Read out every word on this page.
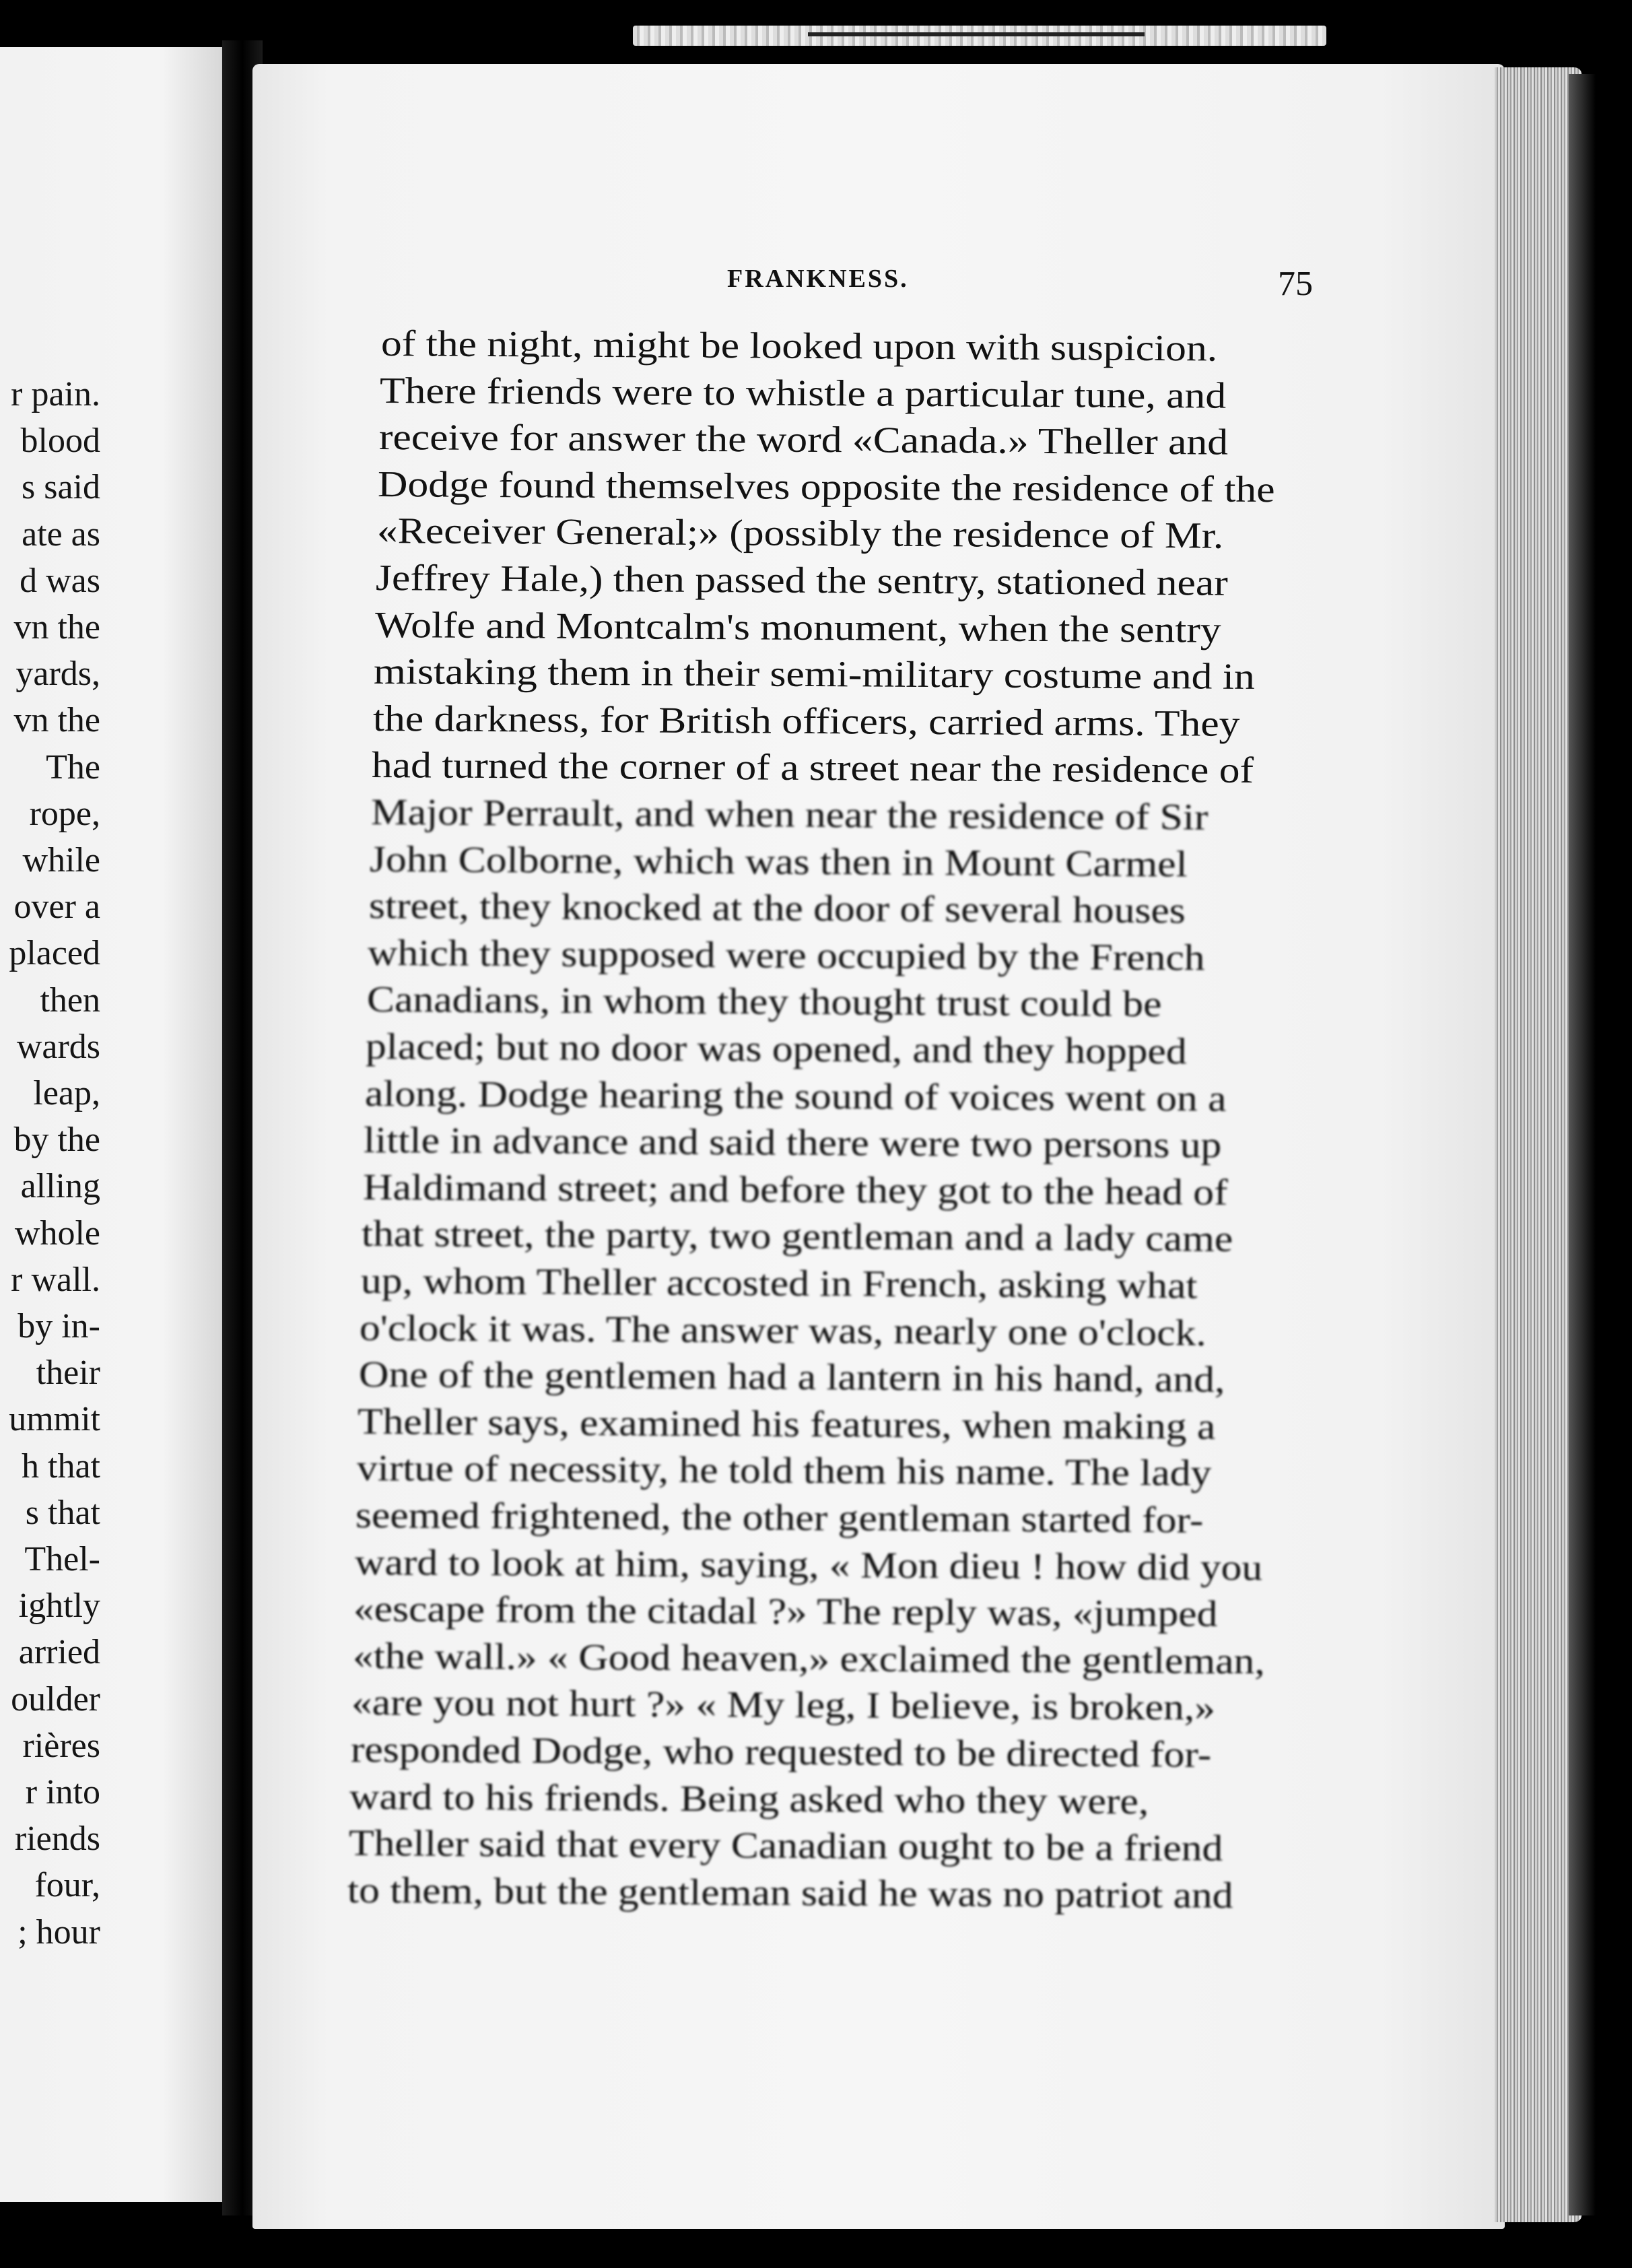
r pain.
blood
s said
ate as
d was
vn the
yards,
vn the
The
rope,
while
over a
placed
then
wards
leap,
by the
alling
whole
r wall.
by in-
their
ummit
h that
s that
Thel-
ightly
arried
oulder
rières
r into
riends
four,
; hour
FRANKNESS.	75
of the night, might be looked upon with suspicion.
There friends were to whistle a particular tune, and
receive for answer the word «Canada.» Theller and
Dodge found themselves opposite the residence of the
«Receiver General;» (possibly the residence of Mr.
Jeffrey Hale,) then passed the sentry, stationed near
Wolfe and Montcalm's monument, when the sentry
mistaking them in their semi-military costume and in
the darkness, for British officers, carried arms. They
had turned the corner of a street near the residence of
Major Perrault, and when near the residence of Sir
John Colborne, which was then in Mount Carmel
street, they knocked at the door of several houses
which they supposed were occupied by the French
Canadians, in whom they thought trust could be
placed; but no door was opened, and they hopped
along. Dodge hearing the sound of voices went on a
little in advance and said there were two persons up
Haldimand street; and before they got to the head of
that street, the party, two gentleman and a lady came
up, whom Theller accosted in French, asking what
o'clock it was. The answer was, nearly one o'clock.
One of the gentlemen had a lantern in his hand, and,
Theller says, examined his features, when making a
virtue of necessity, he told them his name. The lady
seemed frightened, the other gentleman started for-
ward to look at him, saying, « Mon dieu ! how did you
«escape from the citadal ?» The reply was, «jumped
«the wall.» « Good heaven,» exclaimed the gentleman,
«are you not hurt ?» « My leg, I believe, is broken,»
responded Dodge, who requested to be directed for-
ward to his friends. Being asked who they were,
Theller said that every Canadian ought to be a friend
to them, but the gentleman said he was no patriot and
